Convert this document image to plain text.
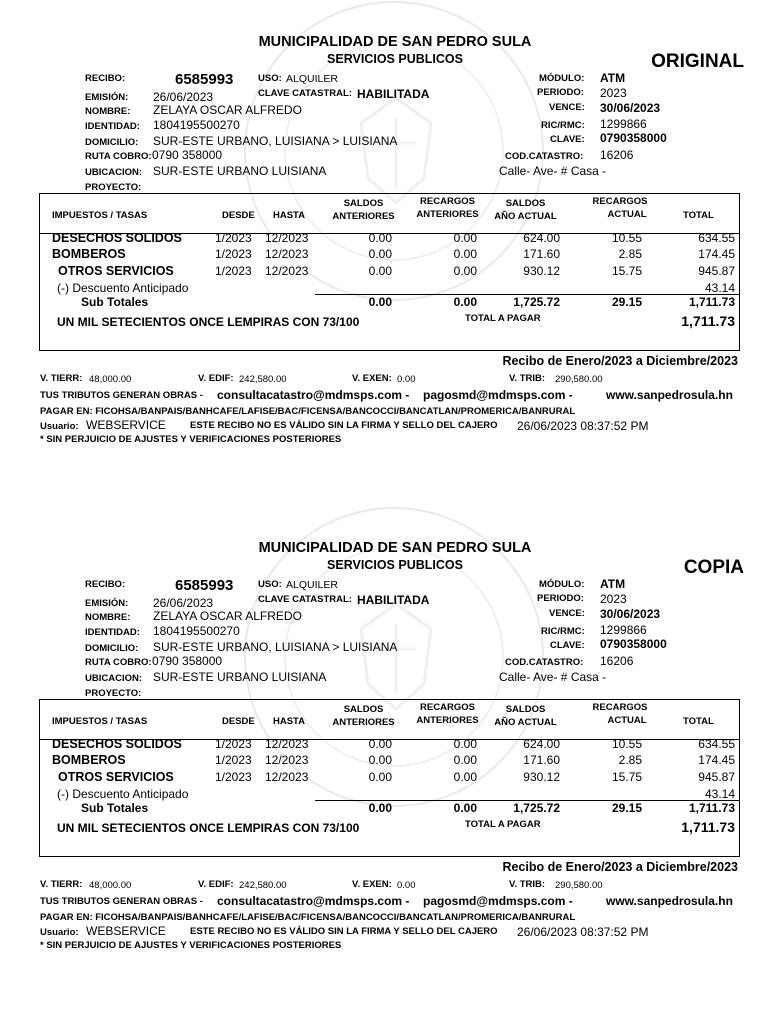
MUNICIPALIDAD DE SAN PEDRO SULA
SERVICIOS PUBLICOS	ORIGINAL
RECIBO:	6585993	USO: ALQUILER
EMISIÓN: 26/06/2023	CLAVE CATASTRAL: HABILITADA
NOMBRE: ZELAYA OSCAR ALFREDO
IDENTIDAD: 1804195500270
DOMICILIO: SUR-ESTE URBANO, LUISIANA > LUISIANA
RUTA COBRO: 0790 358000
UBICACION: SUR-ESTE URBANO LUISIANA
PROYECTO:
MÓDULO: ATM
PERIODO: 2023
VENCE: 30/06/2023
RIC/RMC: 1299866
CLAVE: 0790358000
COD.CATASTRO: 16206
Calle- Ave- # Casa -
IMPUESTOS / TASAS	DESDE HASTA
SALDOS
ANTERIORES
RECARGOS
ANTERIORES
SALDOS
AÑO ACTUAL
RECARGOS
ACTUAL	TOTAL
DESECHOS SOLIDOS	1/2023 12/2023	0.00	0.00	624.00	10.55	634.55
BOMBEROS	1/2023 12/2023	0.00	0.00	171.60	2.85	174.45
OTROS SERVICIOS	1/2023 12/2023	0.00	0.00	930.12	15.75	945.87
(-) Descuento Anticipado	43.14
Sub Totales	0.00	0.00	1,725.72	29.15	1,711.73
UN MIL SETECIENTOS ONCE LEMPIRAS CON 73/100	TOTAL A PAGAR	1,711.73
Recibo de Enero/2023 a Diciembre/2023
V. TIERR: 48,000.00	V. EDIF: 242,580.00	V. EXEN: 0.00	V. TRIB: 290,580.00
TUS TRIBUTOS GENERAN OBRAS - consultacatastro@mdmsps.com - pagosmd@mdmsps.com -	www.sanpedrosula.hn
PAGAR EN: FICOHSA/BANPAIS/BANHCAFE/LAFISE/BAC/FICENSA/BANCOCCI/BANCATLAN/PROMERICA/BANRURAL
Usuario: WEBSERVICE	ESTE RECIBO NO ES VÁLIDO SIN LA FIRMA Y SELLO DEL CAJERO 26/06/2023 08:37:52 PM
* SIN PERJUICIO DE AJUSTES Y VERIFICACIONES POSTERIORES
MUNICIPALIDAD DE SAN PEDRO SULA
SERVICIOS PUBLICOS	COPIA
RECIBO:	6585993	USO: ALQUILER
EMISIÓN: 26/06/2023	CLAVE CATASTRAL: HABILITADA
NOMBRE: ZELAYA OSCAR ALFREDO
IDENTIDAD: 1804195500270
DOMICILIO: SUR-ESTE URBANO, LUISIANA > LUISIANA
RUTA COBRO: 0790 358000
UBICACION: SUR-ESTE URBANO LUISIANA
PROYECTO:
MÓDULO: ATM
PERIODO: 2023
VENCE: 30/06/2023
RIC/RMC: 1299866
CLAVE: 0790358000
COD.CATASTRO: 16206
Calle- Ave- # Casa -
IMPUESTOS / TASAS	DESDE HASTA
SALDOS
ANTERIORES
RECARGOS
ANTERIORES
SALDOS
AÑO ACTUAL
RECARGOS
ACTUAL	TOTAL
DESECHOS SOLIDOS	1/2023 12/2023	0.00	0.00	624.00	10.55	634.55
BOMBEROS	1/2023 12/2023	0.00	0.00	171.60	2.85	174.45
OTROS SERVICIOS	1/2023 12/2023	0.00	0.00	930.12	15.75	945.87
(-) Descuento Anticipado	43.14
Sub Totales	0.00	0.00	1,725.72	29.15	1,711.73
UN MIL SETECIENTOS ONCE LEMPIRAS CON 73/100	TOTAL A PAGAR	1,711.73
Recibo de Enero/2023 a Diciembre/2023
V. TIERR: 48,000.00	V. EDIF: 242,580.00	V. EXEN: 0.00	V. TRIB: 290,580.00
TUS TRIBUTOS GENERAN OBRAS - consultacatastro@mdmsps.com - pagosmd@mdmsps.com -	www.sanpedrosula.hn
PAGAR EN: FICOHSA/BANPAIS/BANHCAFE/LAFISE/BAC/FICENSA/BANCOCCI/BANCATLAN/PROMERICA/BANRURAL
Usuario: WEBSERVICE	ESTE RECIBO NO ES VÁLIDO SIN LA FIRMA Y SELLO DEL CAJERO 26/06/2023 08:37:52 PM
* SIN PERJUICIO DE AJUSTES Y VERIFICACIONES POSTERIORES
